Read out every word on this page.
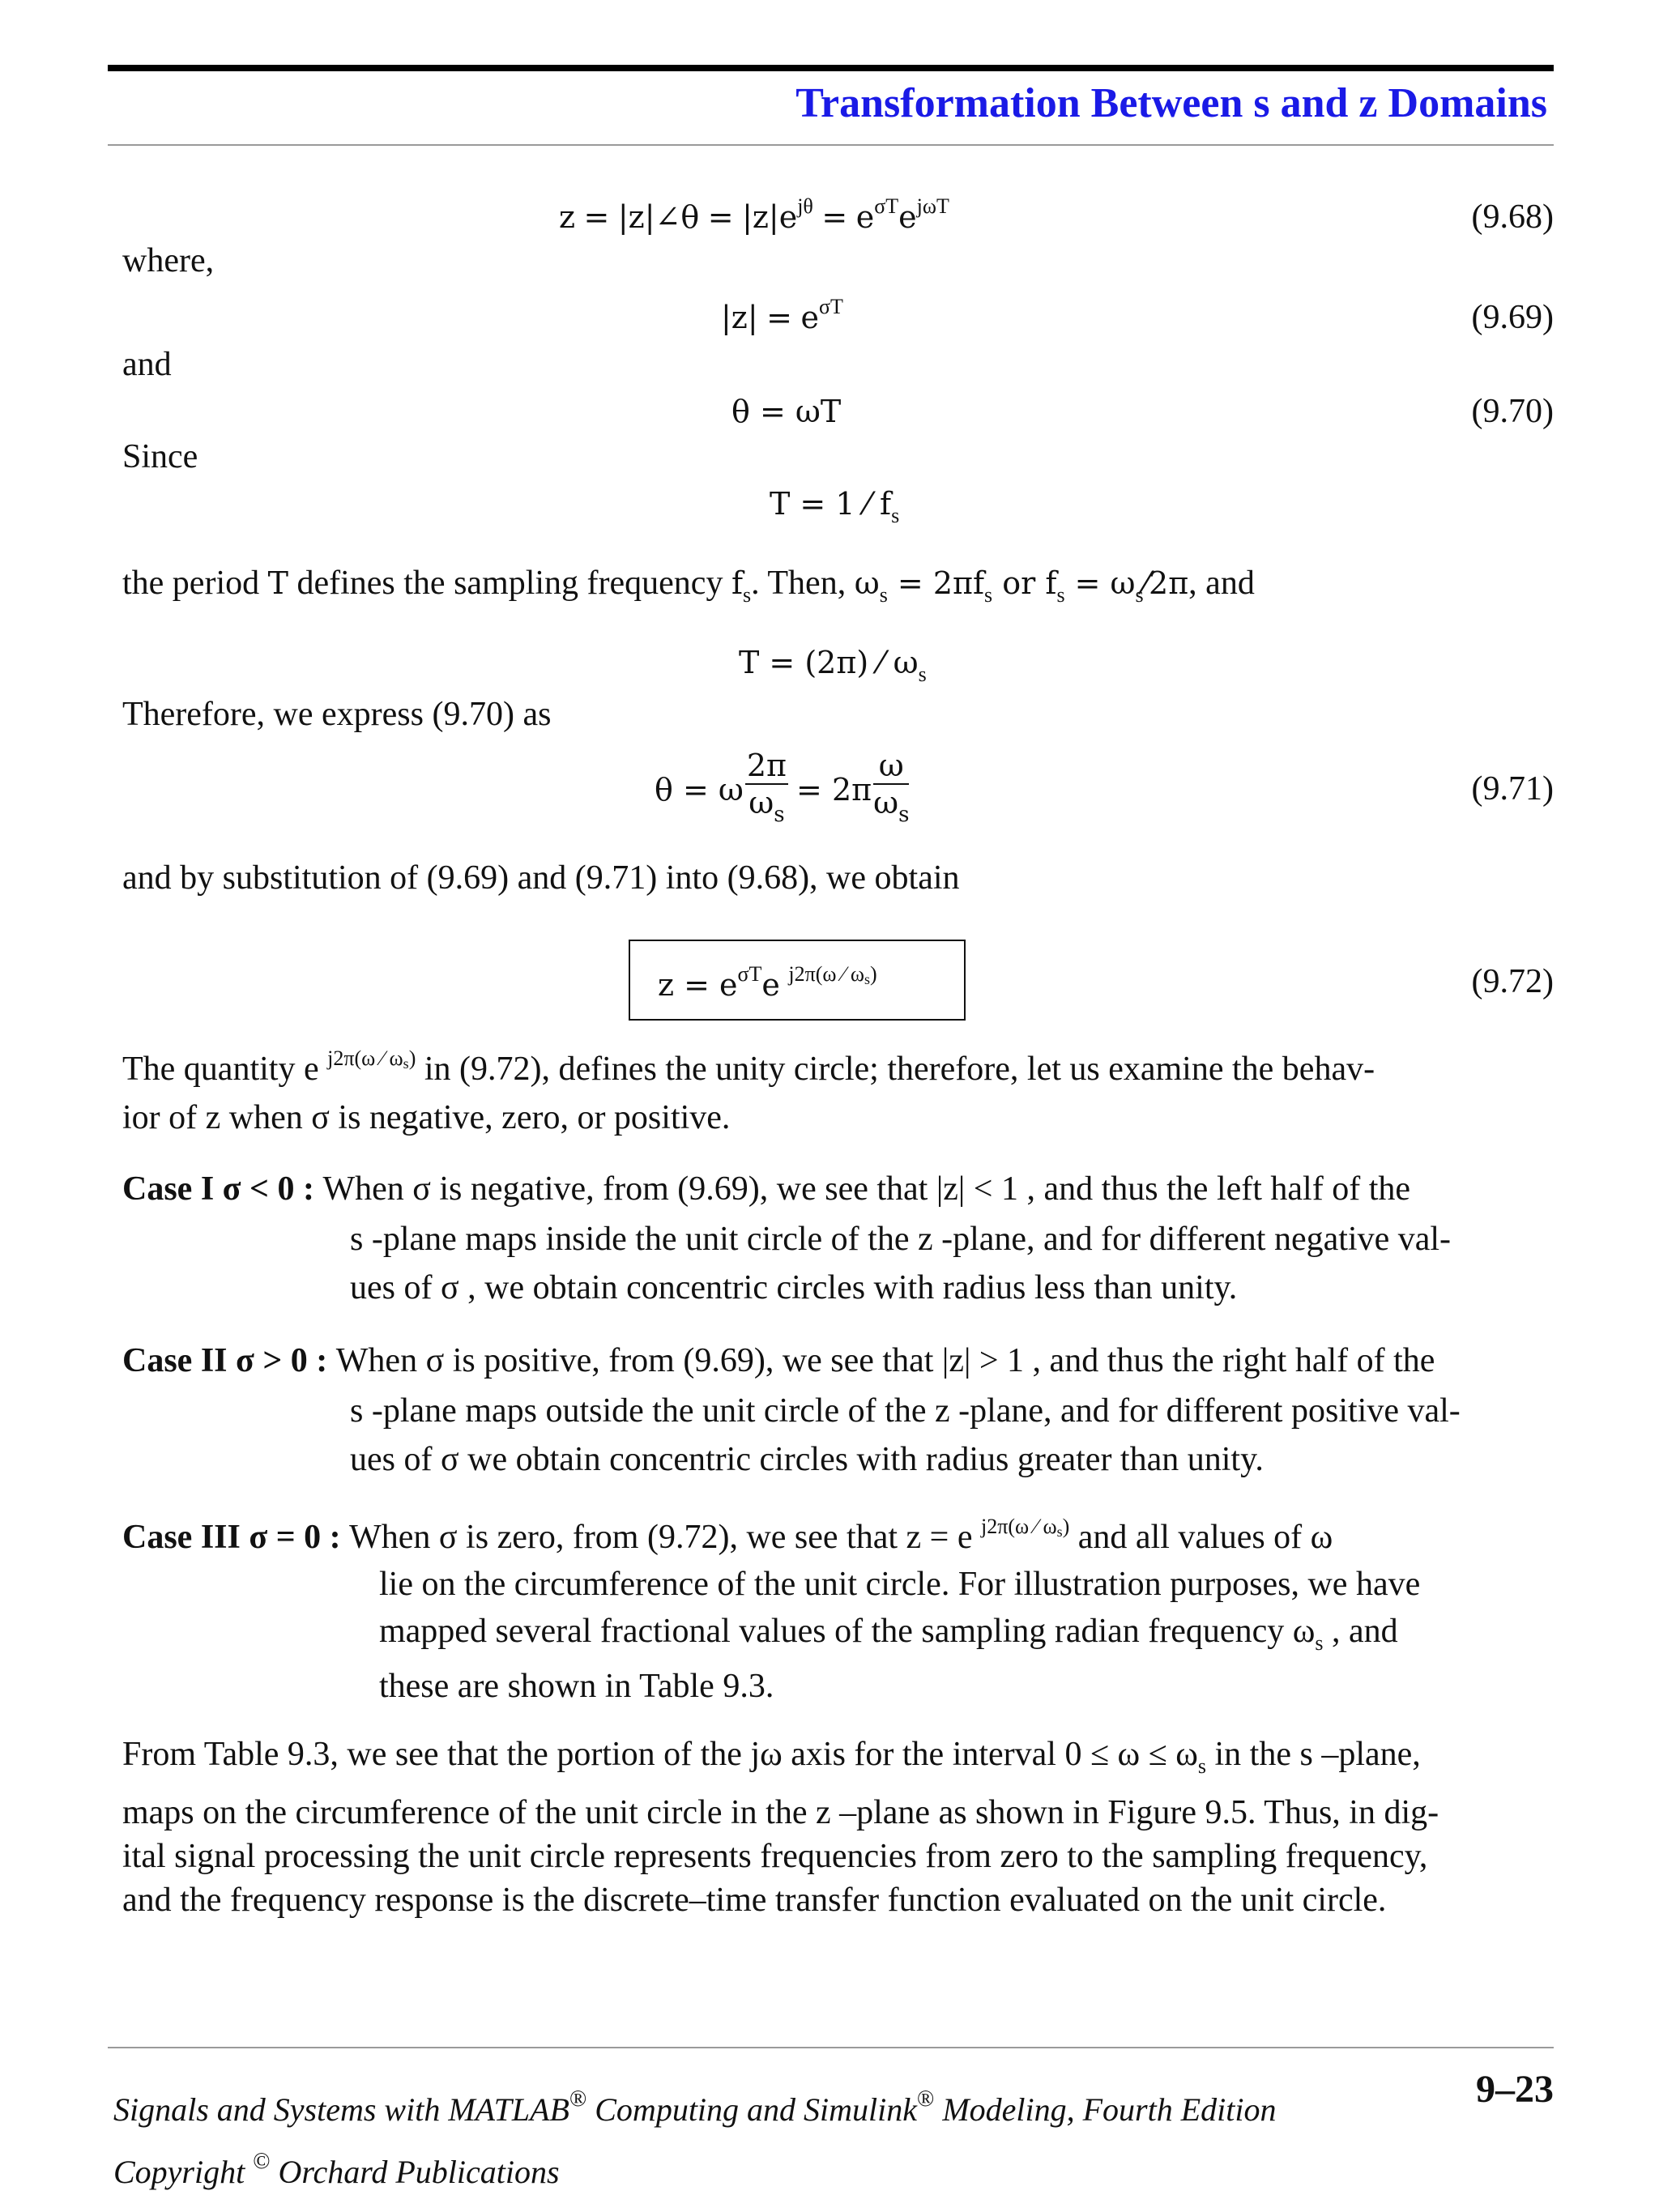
Transformation Between s and z Domains
z = |z|∠θ = $|z|e^{j\theta} = e^{\sigma T}e^{j\omega T}$	(9.68)
where,
$|z| = e^{\sigma T}$	(9.69)
and
θ = ωT	(9.70)
Since
T = 1 ⁄ $f_s$
the period T defines the sampling frequency $f_s$. Then, $\omega_s = 2\pi f_s$ or $f_s$ = $\omega_s⁄2\pi$, and
T = (2π) ⁄ $\omega_s$
Therefore, we express (9.70) as
θ = ω $\frac{2\pi}{\omega_s} = 2\pi \frac{\omega}{\omega_s}$	(9.71)
and by substitution of (9.69) and (9.71) into (9.68), we obtain
$z = e^{\sigma T}e$ $^{j2\pi(\omega ⁄ \omega_s)}$	(9.72)
The quantity e $^{j2\pi(\omega ⁄ \omega_s)}$ in (9.72), defines the unity circle; therefore, let us examine the behav-
ior of z when σ is negative, zero, or positive.
Case I σ < 0 : When σ is negative, from (9.69), we see that |z| < 1 , and thus the left half of the
s -plane maps inside the unit circle of the z -plane, and for different negative val-
ues of σ , we obtain concentric circles with radius less than unity.
Case II σ > 0 : When σ is positive, from (9.69), we see that |z| > 1 , and thus the right half of the
s -plane maps outside the unit circle of the z -plane, and for different positive val-
ues of σ we obtain concentric circles with radius greater than unity.
Case III σ = 0 : When σ is zero, from (9.72), we see that z = e $^{j2\pi(\omega ⁄ \omega_s)}$ and all values of ω
lie on the circumference of the unit circle. For illustration purposes, we have
mapped several fractional values of the sampling radian frequency $\omega_s$ , and
these are shown in Table 9.3.
From Table 9.3, we see that the portion of the jω axis for the interval $0 \le \omega \le \omega_s$ in the s –plane,
maps on the circumference of the unit circle in the z –plane as shown in Figure 9.5. Thus, in dig-
ital signal processing the unit circle represents frequencies from zero to the sampling frequency,
and the frequency response is the discrete–time transfer function evaluated on the unit circle.
Signals and Systems with MATLAB® Computing and Simulink® Modeling, Fourth Edition
Copyright © Orchard Publications
9–23
